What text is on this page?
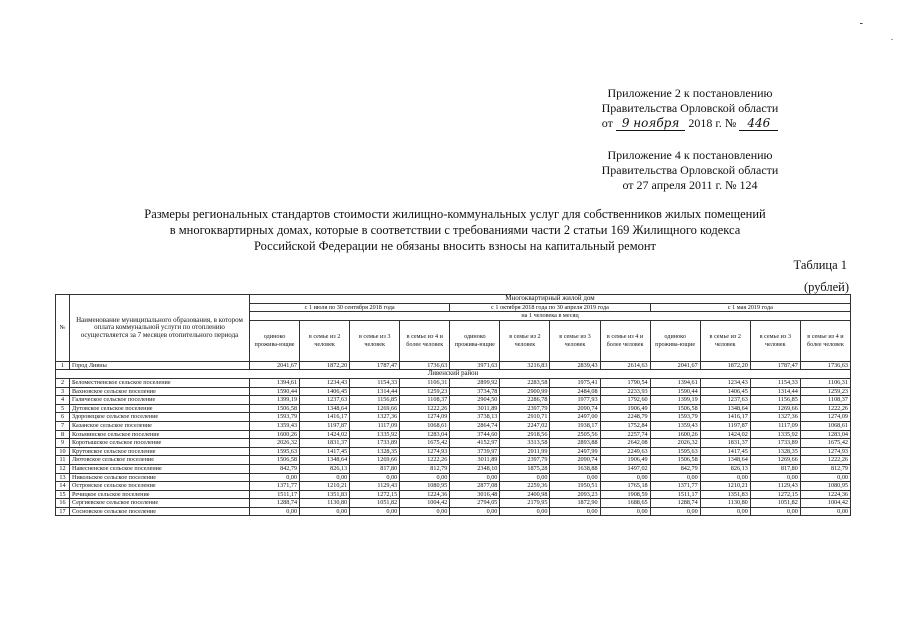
-
.
Приложение 2 к постановлению
Правительства Орловской области
от 9 ноября 2018 г. № 446
Приложение 4 к постановлению
Правительства Орловской области
от 27 апреля 2011 г. № 124
Размеры региональных стандартов стоимости жилищно-коммунальных услуг для собственников жилых помещений
в многоквартирных домах, которые в соответствии с требованиями части 2 статьи 169 Жилищного кодекса
Российской Федерации не обязаны вносить взносы на капитальный ремонт
Таблица 1
(рублей)
№	Наименование муниципального образования, в котором оплата коммунальной услуги по отоплению осуществляется за 7 месяцев отопительного периода	Многоквартирный жилой дом											
		с 1 июля по 30 сентября 2018 года				с 1 октября 2018 года по 30 апреля 2019 года				с 1 мая 2019 года			
		на 1 человека в месяц											
		одиноко прожива-ющие	в семье из 2 человек	в семье из 3 человек	в семье из 4 и более человек	одиноко прожива-ющие	в семье из 2 человек	в семье из 3 человек	в семье из 4 и более человек	одиноко прожива-ющие	в семье из 2 человек	в семье из 3 человек	в семье из 4 и более человек
1	Город Ливны	2041,67	1872,20	1787,47	1736,63	3971,63	3216,83	2839,43	2614,63	2041,67	1872,20	1787,47	1736,63
Ливенский район													
2	Беломестненское сельское поселение	1394,61	1234,43	1154,33	1106,31	2899,92	2283,58	1975,41	1790,54	1394,61	1234,43	1154,33	1106,31
3	Вахновское сельское поселение	1590,44	1406,45	1314,44	1259,23	3734,78	2900,99	2484,08	2233,93	1590,44	1406,45	1314,44	1259,23
4	Галическое сельское поселение	1399,19	1237,63	1156,85	1108,37	2904,50	2286,78	1977,93	1792,60	1399,19	1237,63	1156,85	1108,37
5	Дутовское сельское поселение	1506,58	1348,64	1269,66	1222,26	3011,89	2397,79	2090,74	1906,49	1506,58	1348,64	1269,66	1222,26
6	Здоровецкое сельское поселение	1593,79	1416,17	1327,36	1274,09	3738,13	2910,71	2497,00	2248,79	1593,79	1416,17	1327,36	1274,09
7	Казанское сельское поселение	1359,43	1197,87	1117,09	1068,61	2864,74	2247,02	1938,17	1752,84	1359,43	1197,87	1117,09	1068,61
8	Козьминское сельское поселение	1600,26	1424,02	1335,92	1283,04	3744,60	2918,56	2505,56	2257,74	1600,26	1424,02	1335,92	1283,04
9	Коротышское сельское поселение	2026,32	1831,37	1733,89	1675,42	4152,97	3313,58	2893,88	2642,08	2026,32	1831,37	1733,89	1675,42
10	Крутовское сельское поселение	1595,63	1417,45	1328,35	1274,93	3739,97	2911,99	2497,99	2249,63	1595,63	1417,45	1328,35	1274,93
11	Лютовское сельское поселение	1506,58	1348,64	1269,66	1222,26	3011,89	2397,79	2090,74	1906,49	1506,58	1348,64	1269,66	1222,26
12	Навесненское сельское поселение	842,79	826,13	817,80	812,79	2348,10	1875,28	1638,88	1497,02	842,79	826,13	817,80	812,79
13	Никольское сельское поселение	0,00	0,00	0,00	0,00	0,00	0,00	0,00	0,00	0,00	0,00	0,00	0,00
14	Островское сельское поселение	1371,77	1210,21	1129,43	1080,95	2877,08	2259,36	1950,51	1765,18	1371,77	1210,21	1129,43	1080,95
15	Речицкое сельское поселение	1511,17	1351,83	1272,15	1224,36	3016,48	2400,98	2093,23	1908,59	1511,17	1351,83	1272,15	1224,36
16	Сергиевское сельское поселение	1288,74	1130,80	1051,82	1004,42	2794,05	2179,95	1872,90	1688,65	1288,74	1130,80	1051,82	1004,42
17	Сосновское сельское поселение	0,00	0,00	0,00	0,00	0,00	0,00	0,00	0,00	0,00	0,00	0,00	0,00
